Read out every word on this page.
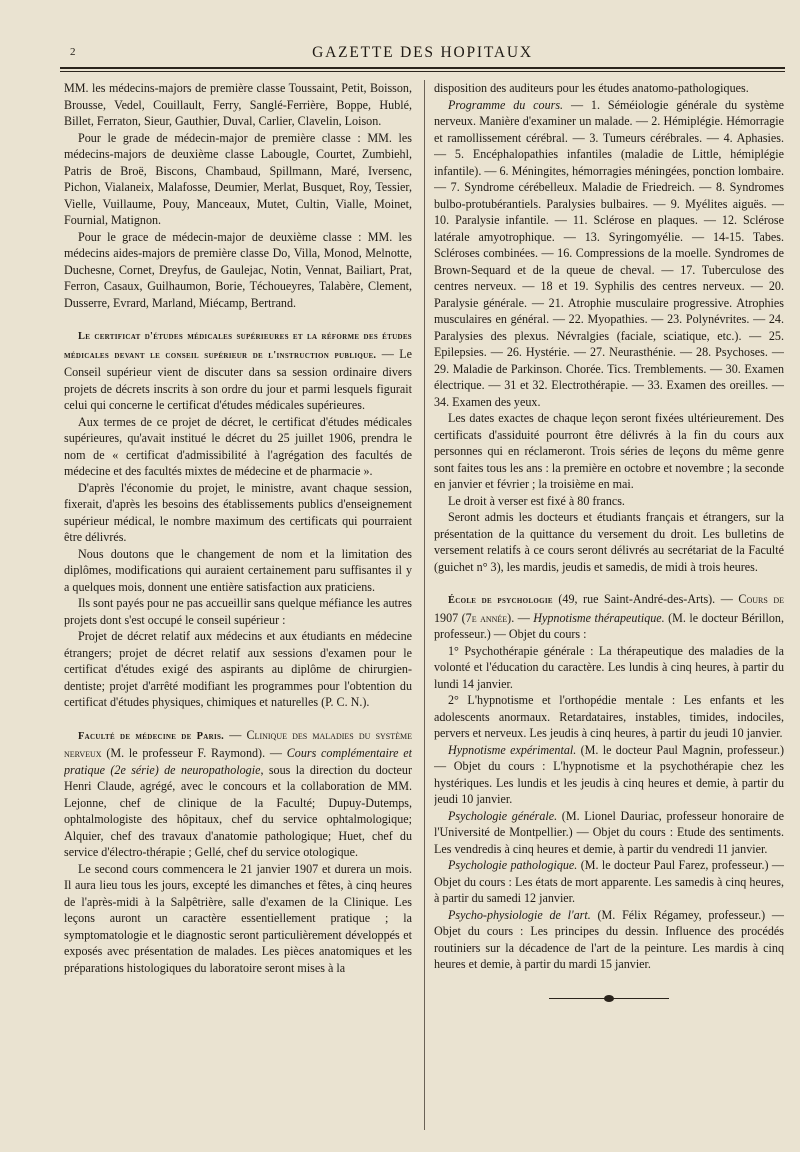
2	GAZETTE DES HOPITAUX

MM. les médecins-majors de première classe Toussaint, Petit, Boisson, Brousse, Vedel, Couillault, Ferry, Sanglé-Ferrière, Boppe, Hublé, Billet, Ferraton, Sieur, Gauthier, Duval, Carlier, Clavelin, Loison.

Pour le grade de médecin-major de première classe : MM. les médecins-majors de deuxième classe Labougle, Courtet, Zumbiehl, Patris de Broë, Biscons, Chambaud, Spillmann, Maré, Iversenc, Pichon, Vialaneix, Malafosse, Deumier, Merlat, Busquet, Roy, Tessier, Vielle, Vuillaume, Pouy, Manceaux, Mutet, Cultin, Vialle, Moinet, Fournial, Matignon.

Pour le grace de médecin-major de deuxième classe : MM. les médecins aides-majors de première classe Do, Villa, Monod, Melnotte, Duchesne, Cornet, Dreyfus, de Gaulejac, Notin, Vennat, Bailiart, Prat, Ferron, Casaux, Guilhaumon, Borie, Téchoueyres, Talabère, Clement, Dusserre, Evrard, Marland, Miécamp, Bertrand.

Le certificat d'études médicales supérieures et la réforme des études médicales devant le conseil supérieur de l'instruction publique. — Le Conseil supérieur vient de discuter dans sa session ordinaire divers projets de décrets inscrits à son ordre du jour et parmi lesquels figurait celui qui concerne le certificat d'études médicales supérieures.

Aux termes de ce projet de décret, le certificat d'études médicales supérieures, qu'avait institué le décret du 25 juillet 1906, prendra le nom de « certificat d'admissibilité à l'agrégation des facultés de médecine et des facultés mixtes de médecine et de pharmacie ».

D'après l'économie du projet, le ministre, avant chaque session, fixerait, d'après les besoins des établissements publics d'enseignement supérieur médical, le nombre maximum des certificats qui pourraient être délivrés.

Nous doutons que le changement de nom et la limitation des diplômes, modifications qui auraient certainement paru suffisantes il y a quelques mois, donnent une entière satisfaction aux praticiens.

Ils sont payés pour ne pas accueillir sans quelque méfiance les autres projets dont s'est occupé le conseil supérieur :

Projet de décret relatif aux médecins et aux étudiants en médecine étrangers; projet de décret relatif aux sessions d'examen pour le certificat d'études exigé des aspirants au diplôme de chirurgien-dentiste; projet d'arrêté modifiant les programmes pour l'obtention du certificat d'études physiques, chimiques et naturelles (P. C. N.).

Faculté de médecine de Paris. — Clinique des maladies du système nerveux (M. le professeur F. Raymond). — Cours complémentaire et pratique (2e série) de neuropathologie, sous la direction du docteur Henri Claude, agrégé, avec le concours et la collaboration de MM. Lejonne, chef de clinique de la Faculté; Dupuy-Dutemps, ophtalmologiste des hôpitaux, chef du service ophtalmologique; Alquier, chef des travaux d'anatomie pathologique; Huet, chef du service d'électro-thérapie ; Gellé, chef du service otologique.

Le second cours commencera le 21 janvier 1907 et durera un mois. Il aura lieu tous les jours, excepté les dimanches et fêtes, à cinq heures de l'après-midi à la Salpêtrière, salle d'examen de la Clinique. Les leçons auront un caractère essentiellement pratique ; la symptomatologie et le diagnostic seront particulièrement développés et exposés avec présentation de malades. Les pièces anatomiques et les préparations histologiques du laboratoire seront mises à la

disposition des auditeurs pour les études anatomo-pathologiques.

Programme du cours. — 1. Séméiologie générale du système nerveux. Manière d'examiner un malade. — 2. Hémiplégie. Hémorragie et ramollissement cérébral. — 3. Tumeurs cérébrales. — 4. Aphasies. — 5. Encéphalopathies infantiles (maladie de Little, hémiplégie infantile). — 6. Méningites, hémorragies méningées, ponction lombaire. — 7. Syndrome cérébelleux. Maladie de Friedreich. — 8. Syndromes bulbo-protubérantiels. Paralysies bulbaires. — 9. Myélites aiguës. — 10. Paralysie infantile. — 11. Sclérose en plaques. — 12. Sclérose latérale amyotrophique. — 13. Syringomyélie. — 14-15. Tabes. Scléroses combinées. — 16. Compressions de la moelle. Syndromes de Brown-Sequard et de la queue de cheval. — 17. Tuberculose des centres nerveux. — 18 et 19. Syphilis des centres nerveux. — 20. Paralysie générale. — 21. Atrophie musculaire progressive. Atrophies musculaires en général. — 22. Myopathies. — 23. Polynévrites. — 24. Paralysies des plexus. Névralgies (faciale, sciatique, etc.). — 25. Epilepsies. — 26. Hystérie. — 27. Neurasthénie. — 28. Psychoses. — 29. Maladie de Parkinson. Chorée. Tics. Tremblements. — 30. Examen électrique. — 31 et 32. Electrothérapie. — 33. Examen des oreilles. — 34. Examen des yeux.

Les dates exactes de chaque leçon seront fixées ultérieurement. Des certificats d'assiduité pourront être délivrés à la fin du cours aux personnes qui en réclameront. Trois séries de leçons du même genre sont faites tous les ans : la première en octobre et novembre ; la seconde en janvier et février ; la troisième en mai.

Le droit à verser est fixé à 80 francs.

Seront admis les docteurs et étudiants français et étrangers, sur la présentation de la quittance du versement du droit. Les bulletins de versement relatifs à ce cours seront délivrés au secrétariat de la Faculté (guichet n° 3), les mardis, jeudis et samedis, de midi à trois heures.

École de psychologie (49, rue Saint-André-des-Arts). — Cours de 1907 (7e année). — Hypnotisme thérapeutique. (M. le docteur Bérillon, professeur.) — Objet du cours :

1° Psychothérapie générale : La thérapeutique des maladies de la volonté et l'éducation du caractère. Les lundis à cinq heures, à partir du lundi 14 janvier.

2° L'hypnotisme et l'orthopédie mentale : Les enfants et les adolescents anormaux. Retardataires, instables, timides, indociles, pervers et nerveux. Les jeudis à cinq heures, à partir du jeudi 10 janvier.

Hypnotisme expérimental. (M. le docteur Paul Magnin, professeur.) — Objet du cours : L'hypnotisme et la psychothérapie chez les hystériques. Les lundis et les jeudis à cinq heures et demie, à partir du jeudi 10 janvier.

Psychologie générale. (M. Lionel Dauriac, professeur honoraire de l'Université de Montpellier.) — Objet du cours : Etude des sentiments. Les vendredis à cinq heures et demie, à partir du vendredi 11 janvier.

Psychologie pathologique. (M. le docteur Paul Farez, professeur.) — Objet du cours : Les états de mort apparente. Les samedis à cinq heures, à partir du samedi 12 janvier.

Psycho-physiologie de l'art. (M. Félix Régamey, professeur.) — Objet du cours : Les principes du dessin. Influence des procédés routiniers sur la décadence de l'art de la peinture. Les mardis à cinq heures et demie, à partir du mardi 15 janvier.
